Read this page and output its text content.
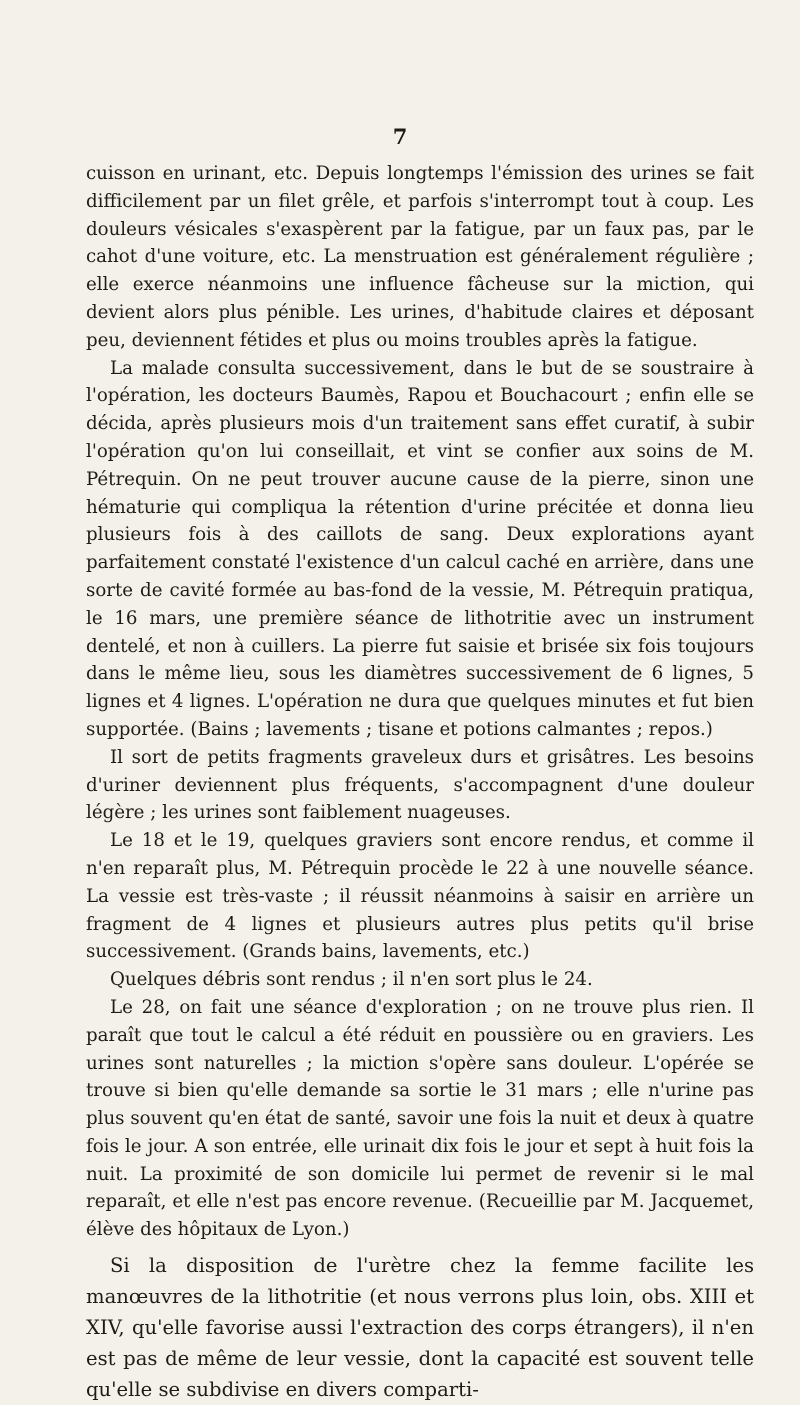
7

cuisson en urinant, etc. Depuis longtemps l'émission des urines se fait difficilement par un filet grêle, et parfois s'interrompt tout à coup. Les douleurs vésicales s'exaspèrent par la fatigue, par un faux pas, par le cahot d'une voiture, etc. La menstruation est généralement régulière ; elle exerce néanmoins une influence fâcheuse sur la miction, qui devient alors plus pénible. Les urines, d'habitude claires et déposant peu, deviennent fétides et plus ou moins troubles après la fatigue.

La malade consulta successivement, dans le but de se soustraire à l'opération, les docteurs Baumès, Rapou et Bouchacourt ; enfin elle se décida, après plusieurs mois d'un traitement sans effet curatif, à subir l'opération qu'on lui conseillait, et vint se confier aux soins de M. Pétrequin. On ne peut trouver aucune cause de la pierre, sinon une hématurie qui compliqua la rétention d'urine précitée et donna lieu plusieurs fois à des caillots de sang. Deux explorations ayant parfaitement constaté l'existence d'un calcul caché en arrière, dans une sorte de cavité formée au bas-fond de la vessie, M. Pétrequin pratiqua, le 16 mars, une première séance de lithotritie avec un instrument dentelé, et non à cuillers. La pierre fut saisie et brisée six fois toujours dans le même lieu, sous les diamètres successivement de 6 lignes, 5 lignes et 4 lignes. L'opération ne dura que quelques minutes et fut bien supportée. (Bains ; lavements ; tisane et potions calmantes ; repos.)

Il sort de petits fragments graveleux durs et grisâtres. Les besoins d'uriner deviennent plus fréquents, s'accompagnent d'une douleur légère ; les urines sont faiblement nuageuses.

Le 18 et le 19, quelques graviers sont encore rendus, et comme il n'en reparaît plus, M. Pétrequin procède le 22 à une nouvelle séance. La vessie est très-vaste ; il réussit néanmoins à saisir en arrière un fragment de 4 lignes et plusieurs autres plus petits qu'il brise successivement. (Grands bains, lavements, etc.)

Quelques débris sont rendus ; il n'en sort plus le 24.

Le 28, on fait une séance d'exploration ; on ne trouve plus rien. Il paraît que tout le calcul a été réduit en poussière ou en graviers. Les urines sont naturelles ; la miction s'opère sans douleur. L'opérée se trouve si bien qu'elle demande sa sortie le 31 mars ; elle n'urine pas plus souvent qu'en état de santé, savoir une fois la nuit et deux à quatre fois le jour. A son entrée, elle urinait dix fois le jour et sept à huit fois la nuit. La proximité de son domicile lui permet de revenir si le mal reparaît, et elle n'est pas encore revenue. (Recueillie par M. Jacquemet, élève des hôpitaux de Lyon.)

Si la disposition de l'urètre chez la femme facilite les manœuvres de la lithotritie (et nous verrons plus loin, obs. XIII et XIV, qu'elle favorise aussi l'extraction des corps étrangers), il n'en est pas de même de leur vessie, dont la capacité est souvent telle qu'elle se subdivise en divers comparti-
